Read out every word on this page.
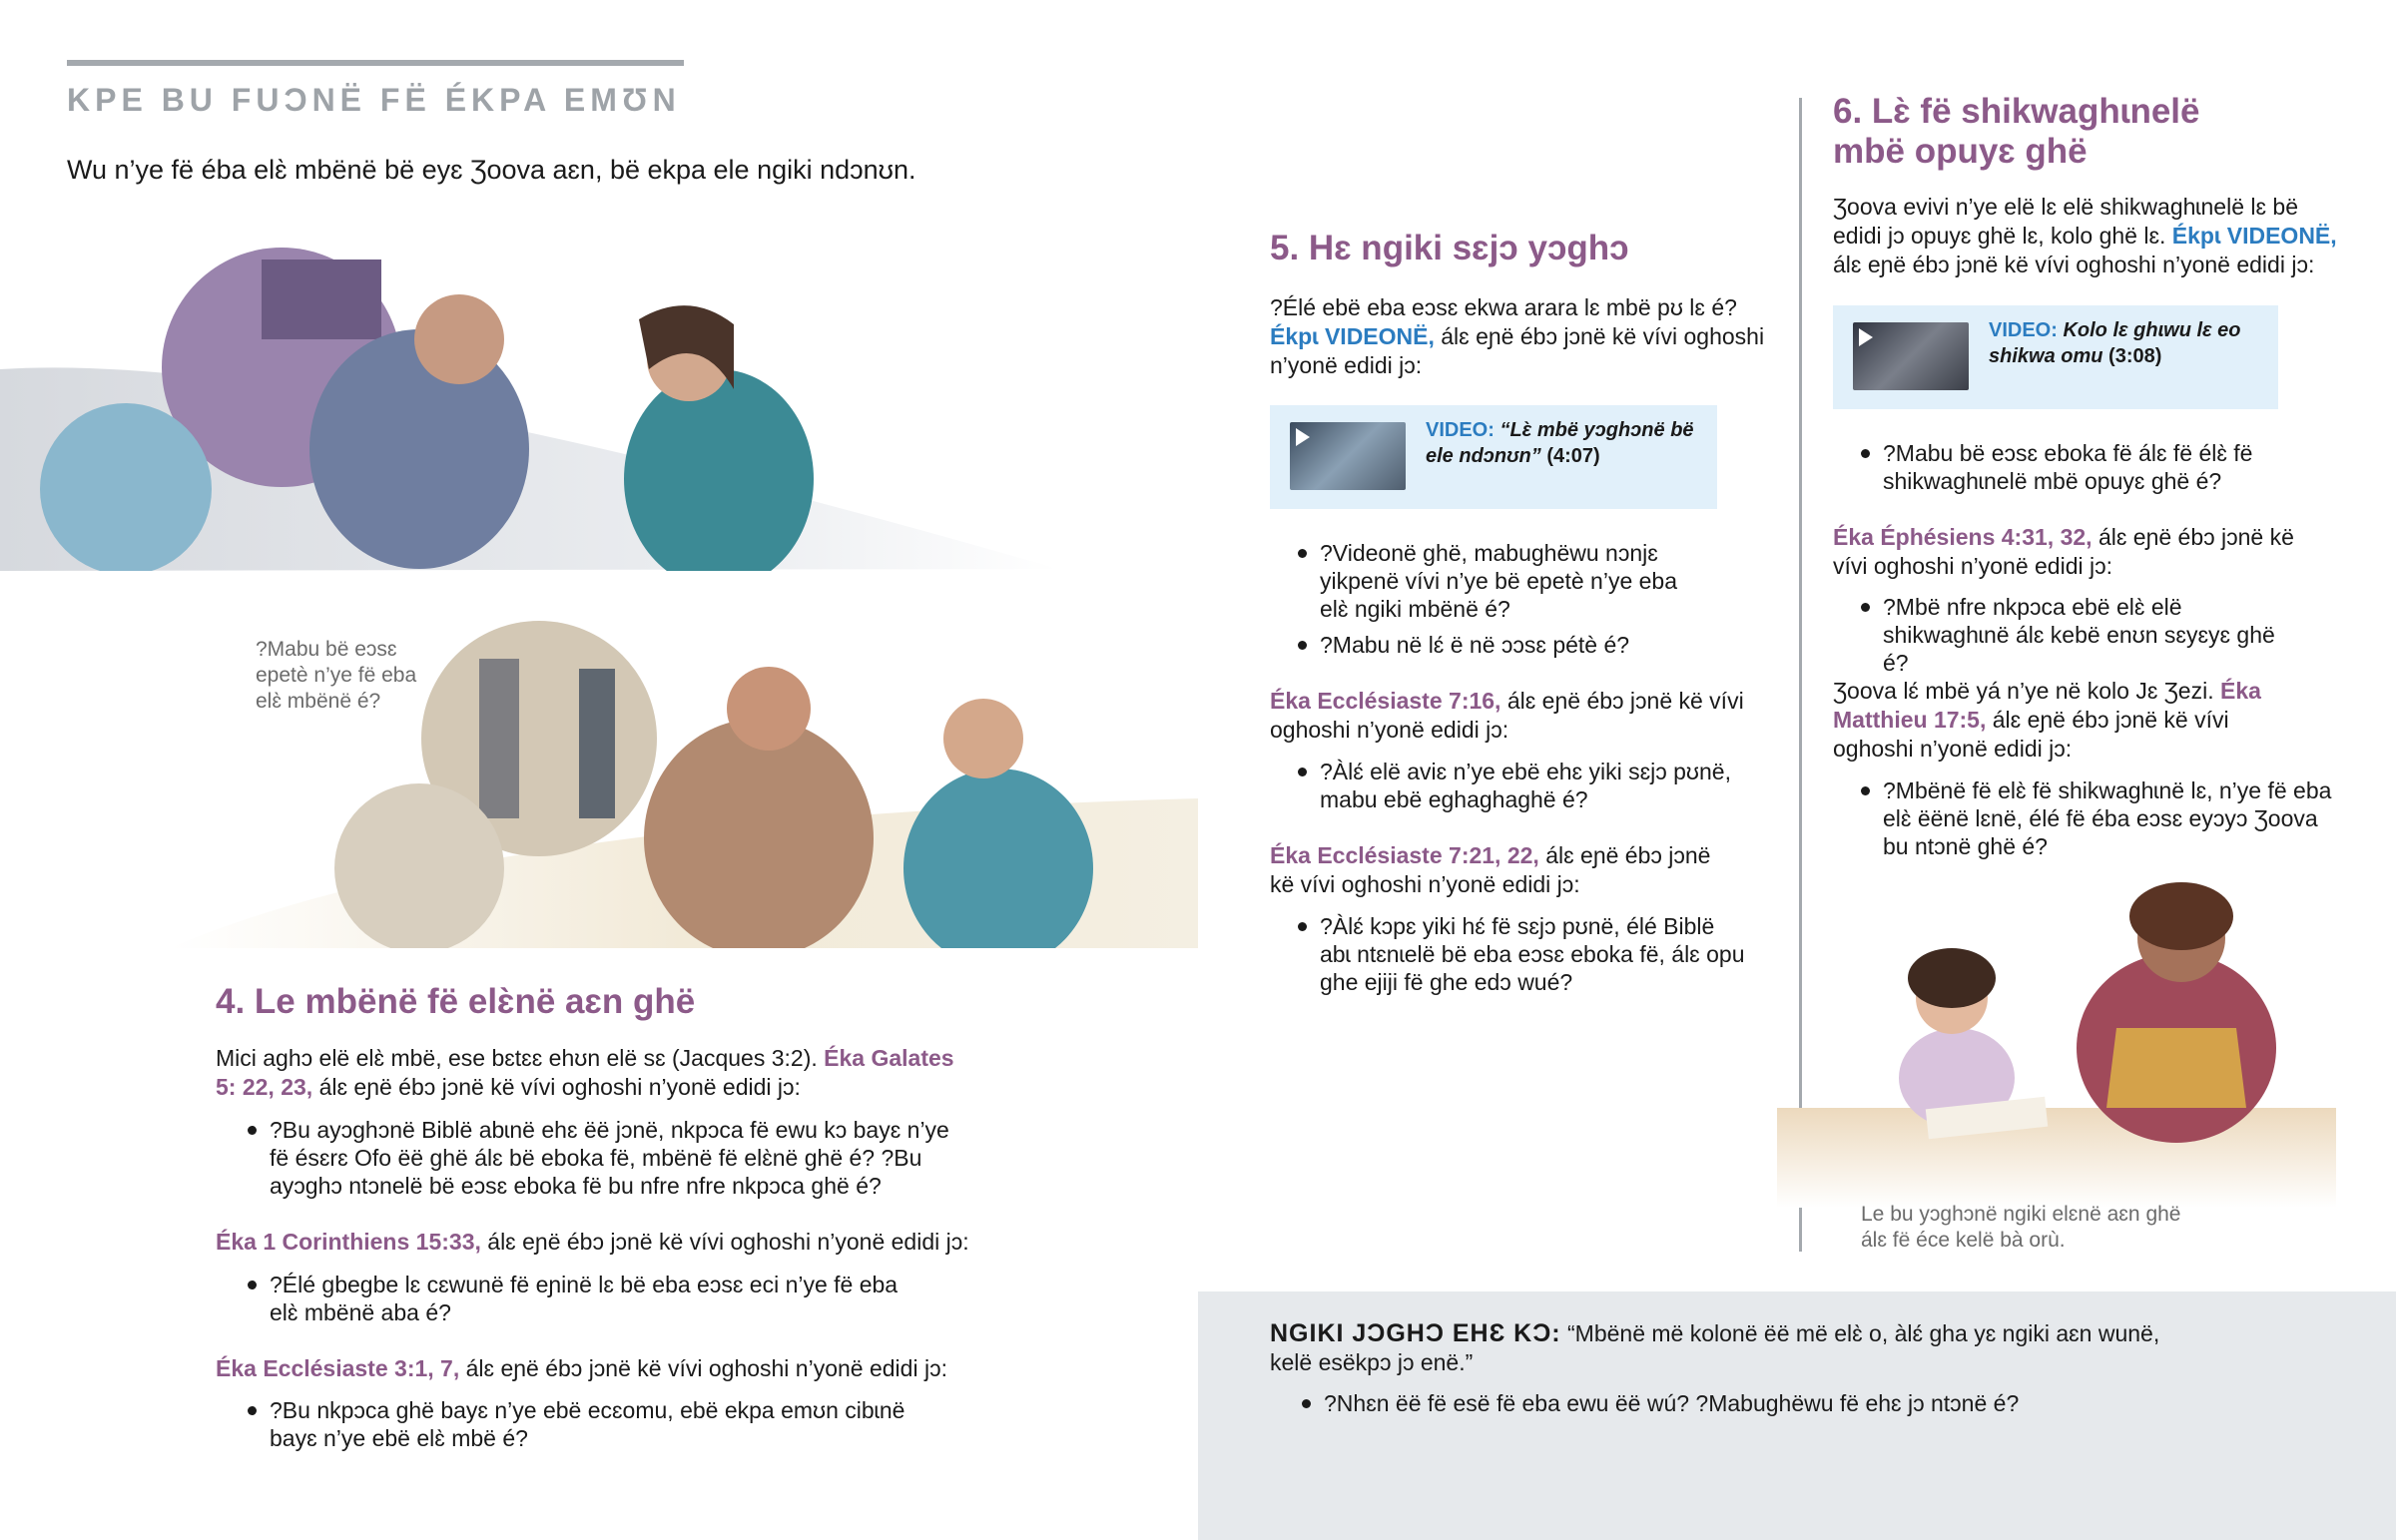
KPE BU FUƆNË FË ÉKPA EMƱN
Wu n’ye fë éba elɛ̀ mbënë bë eyɛ Ʒoova aɛn, bë ekpa ele ngiki ndɔnʊn.
?Mabu bë eɔsɛ epetè n’ye fë eba elɛ̀ mbënë é?
4. Le mbënë fë elɛ̀në aɛn ghë
Mici aghɔ elë elɛ̀ mbë, ese bɛtɛɛ ehʊn elë sɛ (Jacques 3:2). Éka Galates 5: 22, 23, álɛ eɲë ébɔ jɔnë kë vívi oghoshi n’yonë edidi jɔ:
?Bu ayɔghɔnë Biblë abɩnë ehɛ ëë jɔnë, nkpɔca fë ewu kɔ bayɛ n’ye fë ésɛrɛ Ofo ëë ghë álɛ bë eboka fë, mbënë fë elɛ̀në ghë é? ?Bu ayɔghɔ ntɔnelë bë eɔsɛ eboka fë bu nfre nfre nkpɔca ghë é?
Éka 1 Corinthiens 15:33, álɛ eɲë ébɔ jɔnë kë vívi oghoshi n’yonë edidi jɔ:
?Élé gbegbe lɛ cɛwunë fë eɲinë lɛ bë eba eɔsɛ eci n’ye fë eba elɛ̀ mbënë aba é?
Éka Ecclésiaste 3:1, 7, álɛ eɲë ébɔ jɔnë kë vívi oghoshi n’yonë edidi jɔ:
?Bu nkpɔca ghë bayɛ n’ye ebë ecɛomu, ebë ekpa emʊn cibɩnë bayɛ n’ye ebë elɛ̀ mbë é?
5. Hɛ ngiki sɛjɔ yɔghɔ
?Élé ebë eba eɔsɛ ekwa arara lɛ mbë pʊ lɛ é? Ékpɩ VIDEONË, álɛ eɲë ébɔ jɔnë kë vívi oghoshi n’yonë edidi jɔ:
VIDEO: “Lɛ̀ mbë yɔghɔnë bë ele ndɔnʊn” (4:07)
?Videonë ghë, mabughëwu nɔnjɛ yikpenë vívi n’ye bë epetè n’ye eba elɛ̀ ngiki mbënë é?
?Mabu në lɛ́ ë në ɔɔsɛ pétè é?
Éka Ecclésiaste 7:16, álɛ eɲë ébɔ jɔnë kë vívi oghoshi n’yonë edidi jɔ:
?Àlɛ́ elë aviɛ n’ye ebë ehɛ yiki sɛjɔ pʊnë, mabu ebë eghaghaghë é?
Éka Ecclésiaste 7:21, 22, álɛ eɲë ébɔ jɔnë kë vívi oghoshi n’yonë edidi jɔ:
?Àlɛ́ kɔpɛ yiki hɛ́ fë sɛjɔ pʊnë, élé Biblë abɩ ntɛnɩelë bë eba eɔsɛ eboka fë, álɛ opu ghe ejiji fë ghe edɔ wué?
6. Lɛ̀ fë shikwaghɩnelë
mbë opuyɛ ghë
Ʒoova evivi n’ye elë lɛ elë shikwaghɩnelë lɛ bë edidi jɔ opuyɛ ghë lɛ, kolo ghë lɛ. Ékpɩ VIDEONË, álɛ eɲë ébɔ jɔnë kë vívi oghoshi n’yonë edidi jɔ:
VIDEO: Kolo lɛ ghɩwu lɛ eo shikwa omu (3:08)
?Mabu bë eɔsɛ eboka fë álɛ fë élɛ̀ fë shikwaghɩnelë mbë opuyɛ ghë é?
Éka Éphésiens 4:31, 32, álɛ eɲë ébɔ jɔnë kë vívi oghoshi n’yonë edidi jɔ:
?Mbë nfre nkpɔca ebë elɛ̀ elë shikwaghɩnë álɛ kebë enʊn sɛyɛyɛ ghë é?
Ʒoova lɛ́ mbë yá n’ye në kolo Jɛ Ʒezi. Éka Matthieu 17:5, álɛ eɲë ébɔ jɔnë kë vívi oghoshi n’yonë edidi jɔ:
?Mbënë fë elɛ̀ fë shikwaghɩnë lɛ, n’ye fë eba elɛ̀ ëënë lɛnë, élé fë éba eɔsɛ eyɔyɔ Ʒoova bu ntɔnë ghë é?
Le bu yɔghɔnë ngiki elɛnë aɛn ghë álɛ fë éce kelë bà orù.
NGIKI JƆGHƆ EHƐ KƆ: “Mbënë më kolonë ëë më elɛ̀ o, àlɛ́ gha yɛ ngiki aɛn wunë, kelë esëkpɔ jɔ enë.”
?Nhɛn ëë fë esë fë eba ewu ëë wú? ?Mabughëwu fë ehɛ jɔ ntɔnë é?
